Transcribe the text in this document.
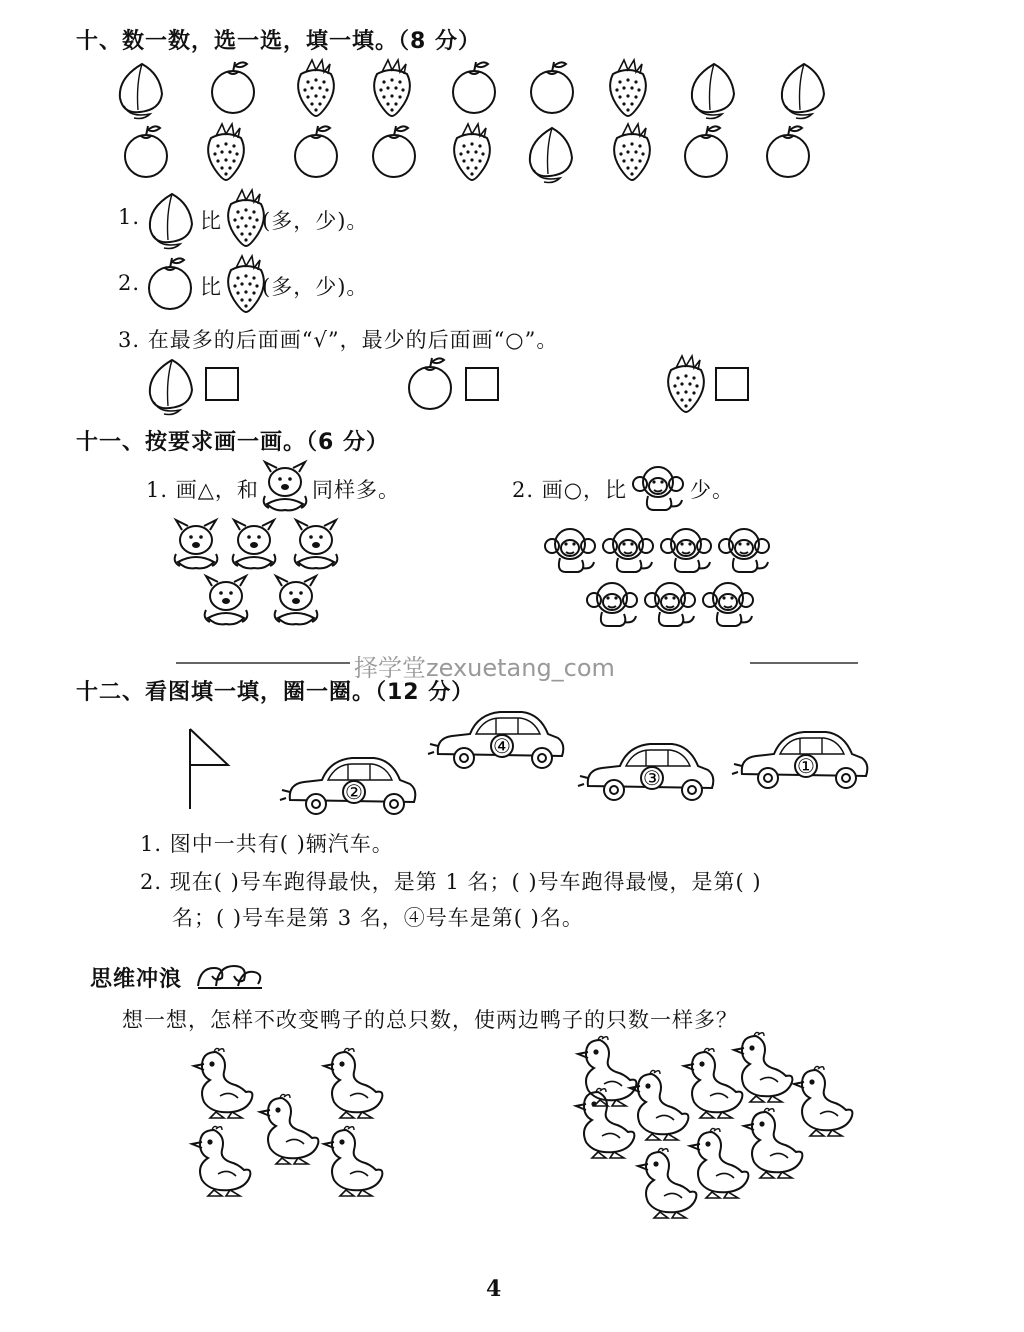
十、数一数，选一选，填一填。（8 分）
1.	比 (多，少)。
2.	比 (多，少)。
3. 在最多的后面画“√”，最少的后面画“○”。
十一、按要求画一画。（6 分）
1. 画△，和	同样多。	2. 画○，比	少。
择学堂zexuetang_com
十二、看图填一填，圈一圈。（12 分）
②
④
③	①
1. 图中一共有( )辆汽车。
2. 现在( )号车跑得最快，是第 1 名；( )号车跑得最慢，是第( )
名；( )号车是第 3 名，④号车是第( )名。
思维冲浪
想一想，怎样不改变鸭子的总只数，使两边鸭子的只数一样多？
4
